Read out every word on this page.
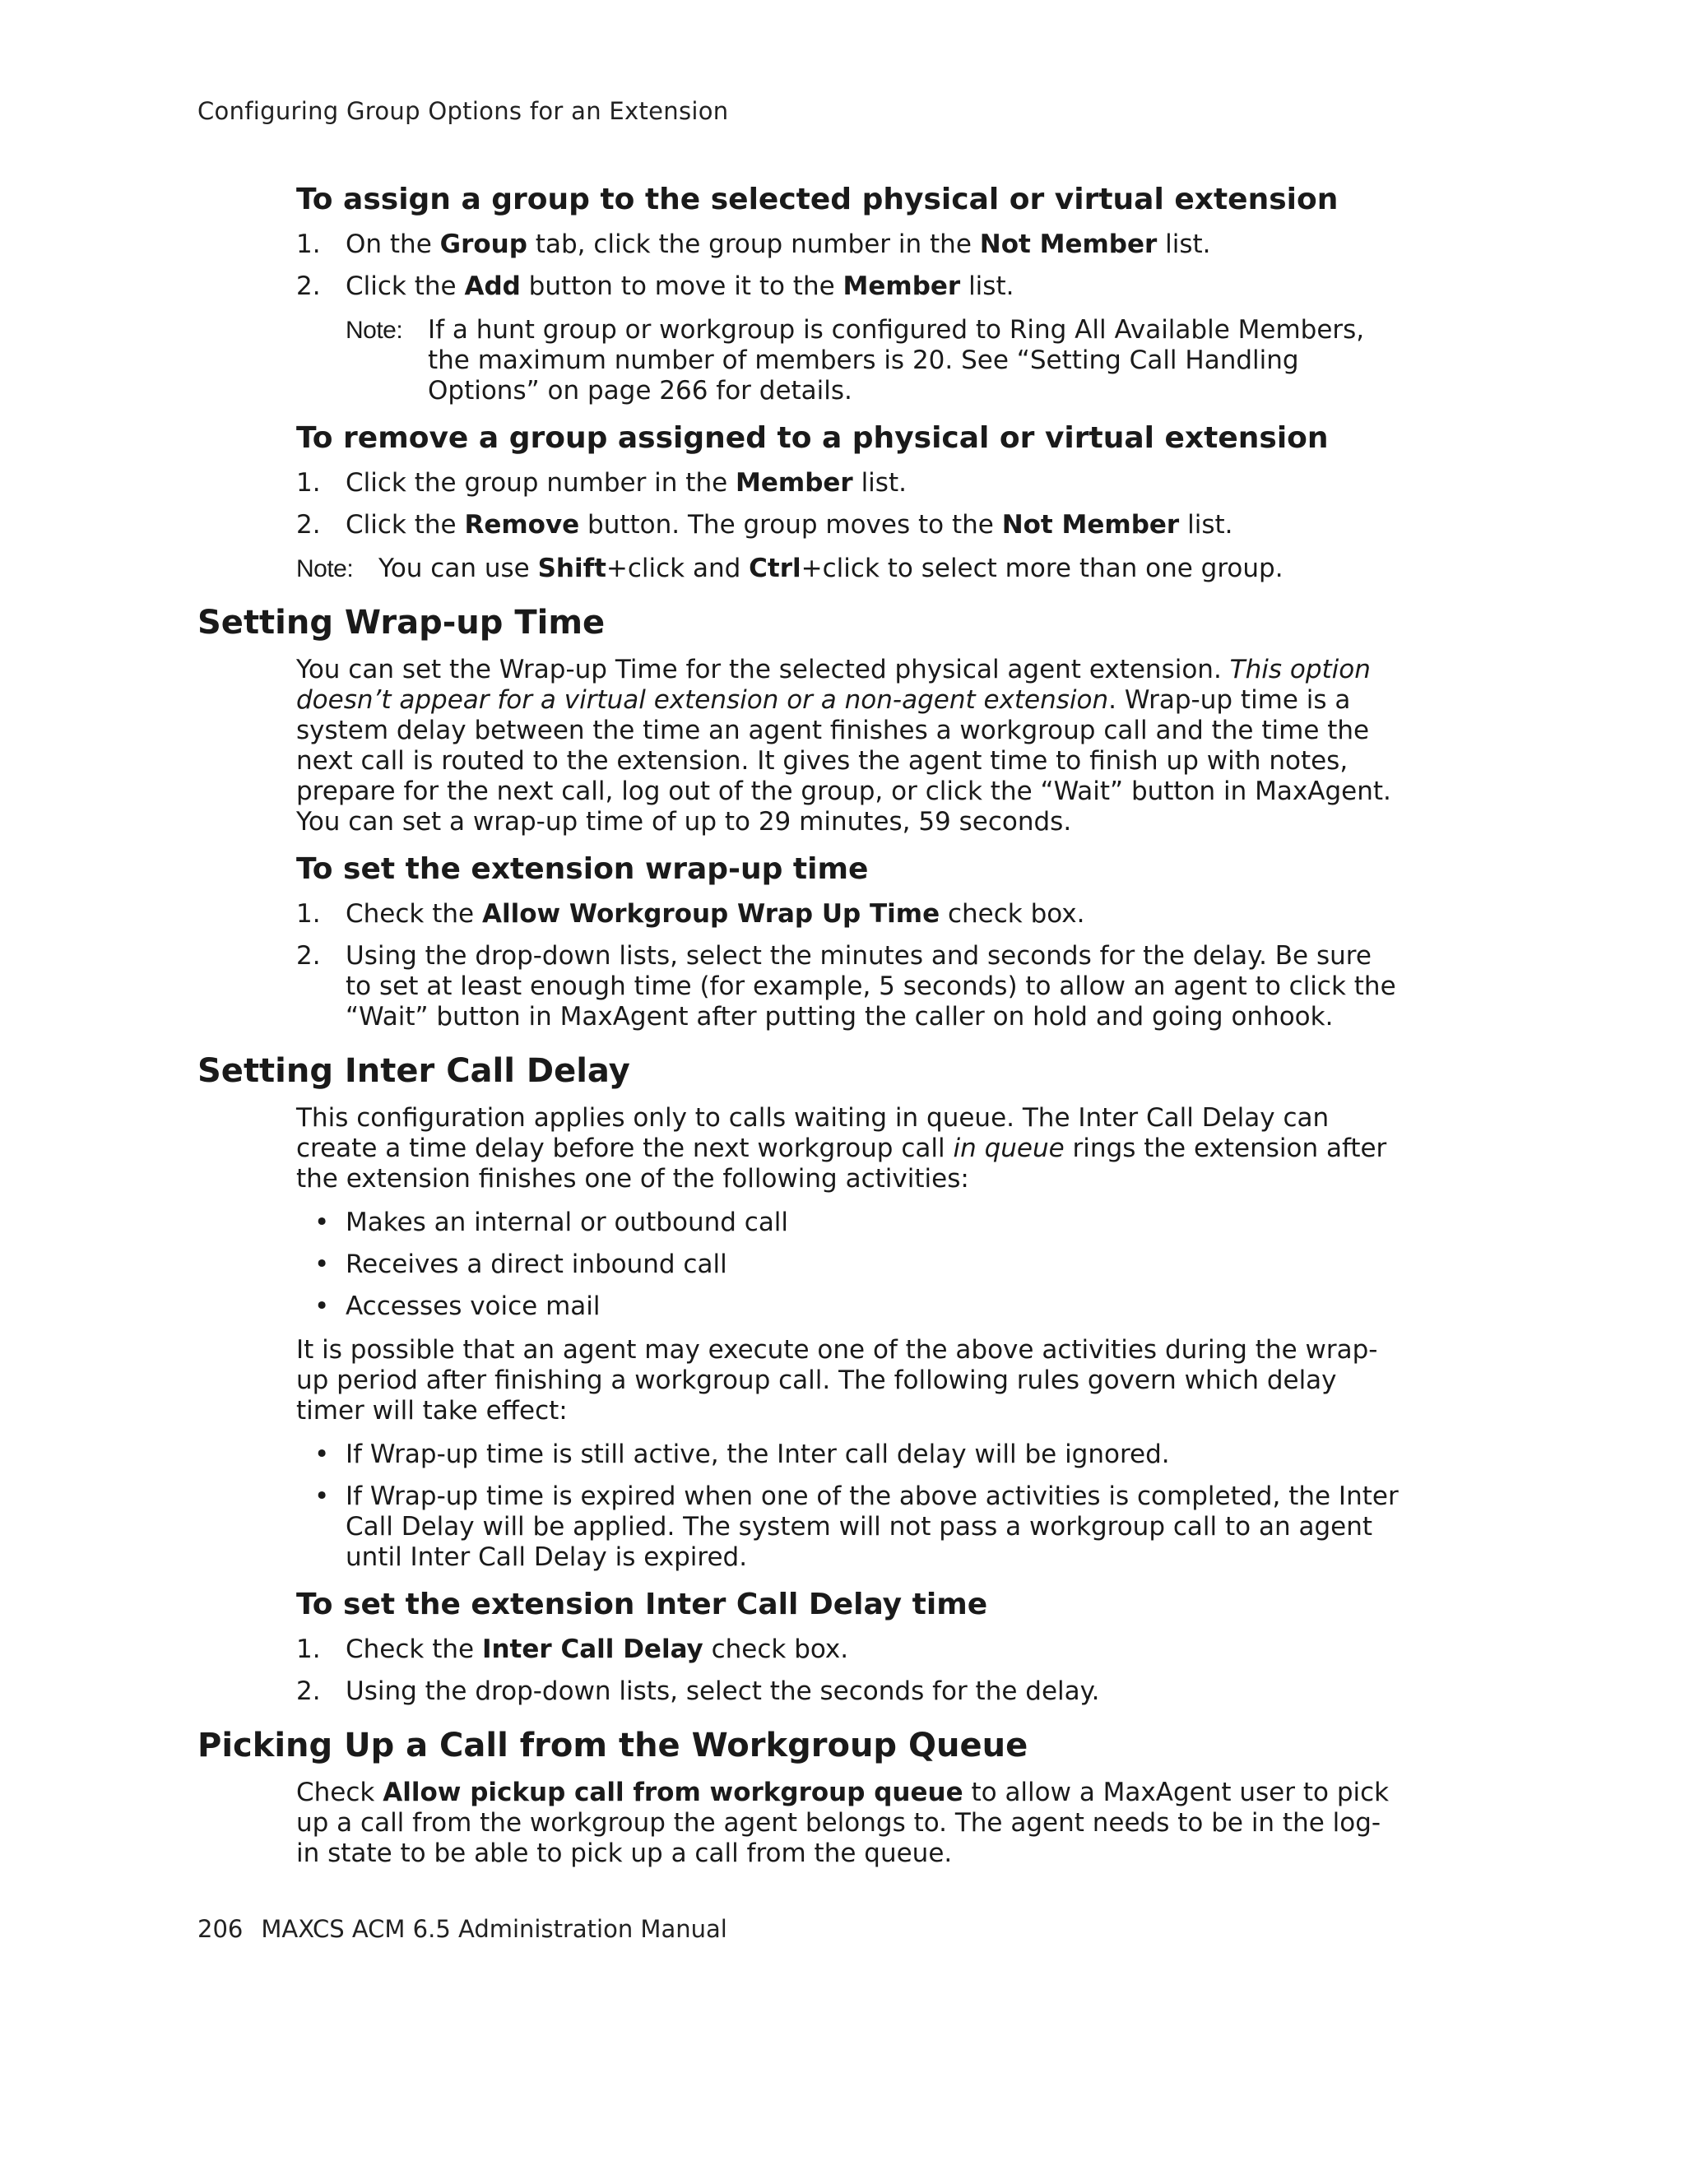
Configuring Group Options for an Extension
To assign a group to the selected physical or virtual extension
1. On the Group tab, click the group number in the Not Member list.
2. Click the Add button to move it to the Member list.
Note: If a hunt group or workgroup is configured to Ring All Available Members, the maximum number of members is 20. See “Setting Call Handling Options” on page 266 for details.
To remove a group assigned to a physical or virtual extension
1. Click the group number in the Member list.
2. Click the Remove button. The group moves to the Not Member list.
Note: You can use Shift+click and Ctrl+click to select more than one group.
Setting Wrap-up Time

You can set the Wrap-up Time for the selected physical agent extension. This option doesn’t appear for a virtual extension or a non-agent extension. Wrap-up time is a system delay between the time an agent finishes a workgroup call and the time the next call is routed to the extension. It gives the agent time to finish up with notes, prepare for the next call, log out of the group, or click the “Wait” button in MaxAgent. You can set a wrap-up time of up to 29 minutes, 59 seconds.

To set the extension wrap-up time
1. Check the Allow Workgroup Wrap Up Time check box.
2. Using the drop-down lists, select the minutes and seconds for the delay. Be sure to set at least enough time (for example, 5 seconds) to allow an agent to click the “Wait” button in MaxAgent after putting the caller on hold and going onhook.
Setting Inter Call Delay

This configuration applies only to calls waiting in queue. The Inter Call Delay can create a time delay before the next workgroup call in queue rings the extension after the extension finishes one of the following activities:

• Makes an internal or outbound call
• Receives a direct inbound call
• Accesses voice mail

It is possible that an agent may execute one of the above activities during the wrap-up period after finishing a workgroup call. The following rules govern which delay timer will take effect:

• If Wrap-up time is still active, the Inter call delay will be ignored.
• If Wrap-up time is expired when one of the above activities is completed, the Inter Call Delay will be applied. The system will not pass a workgroup call to an agent until Inter Call Delay is expired.
To set the extension Inter Call Delay time
1. Check the Inter Call Delay check box.
2. Using the drop-down lists, select the seconds for the delay.
Picking Up a Call from the Workgroup Queue

Check Allow pickup call from workgroup queue to allow a MaxAgent user to pick up a call from the workgroup the agent belongs to. The agent needs to be in the log-in state to be able to pick up a call from the queue.

206 MAXCS ACM 6.5 Administration Manual
